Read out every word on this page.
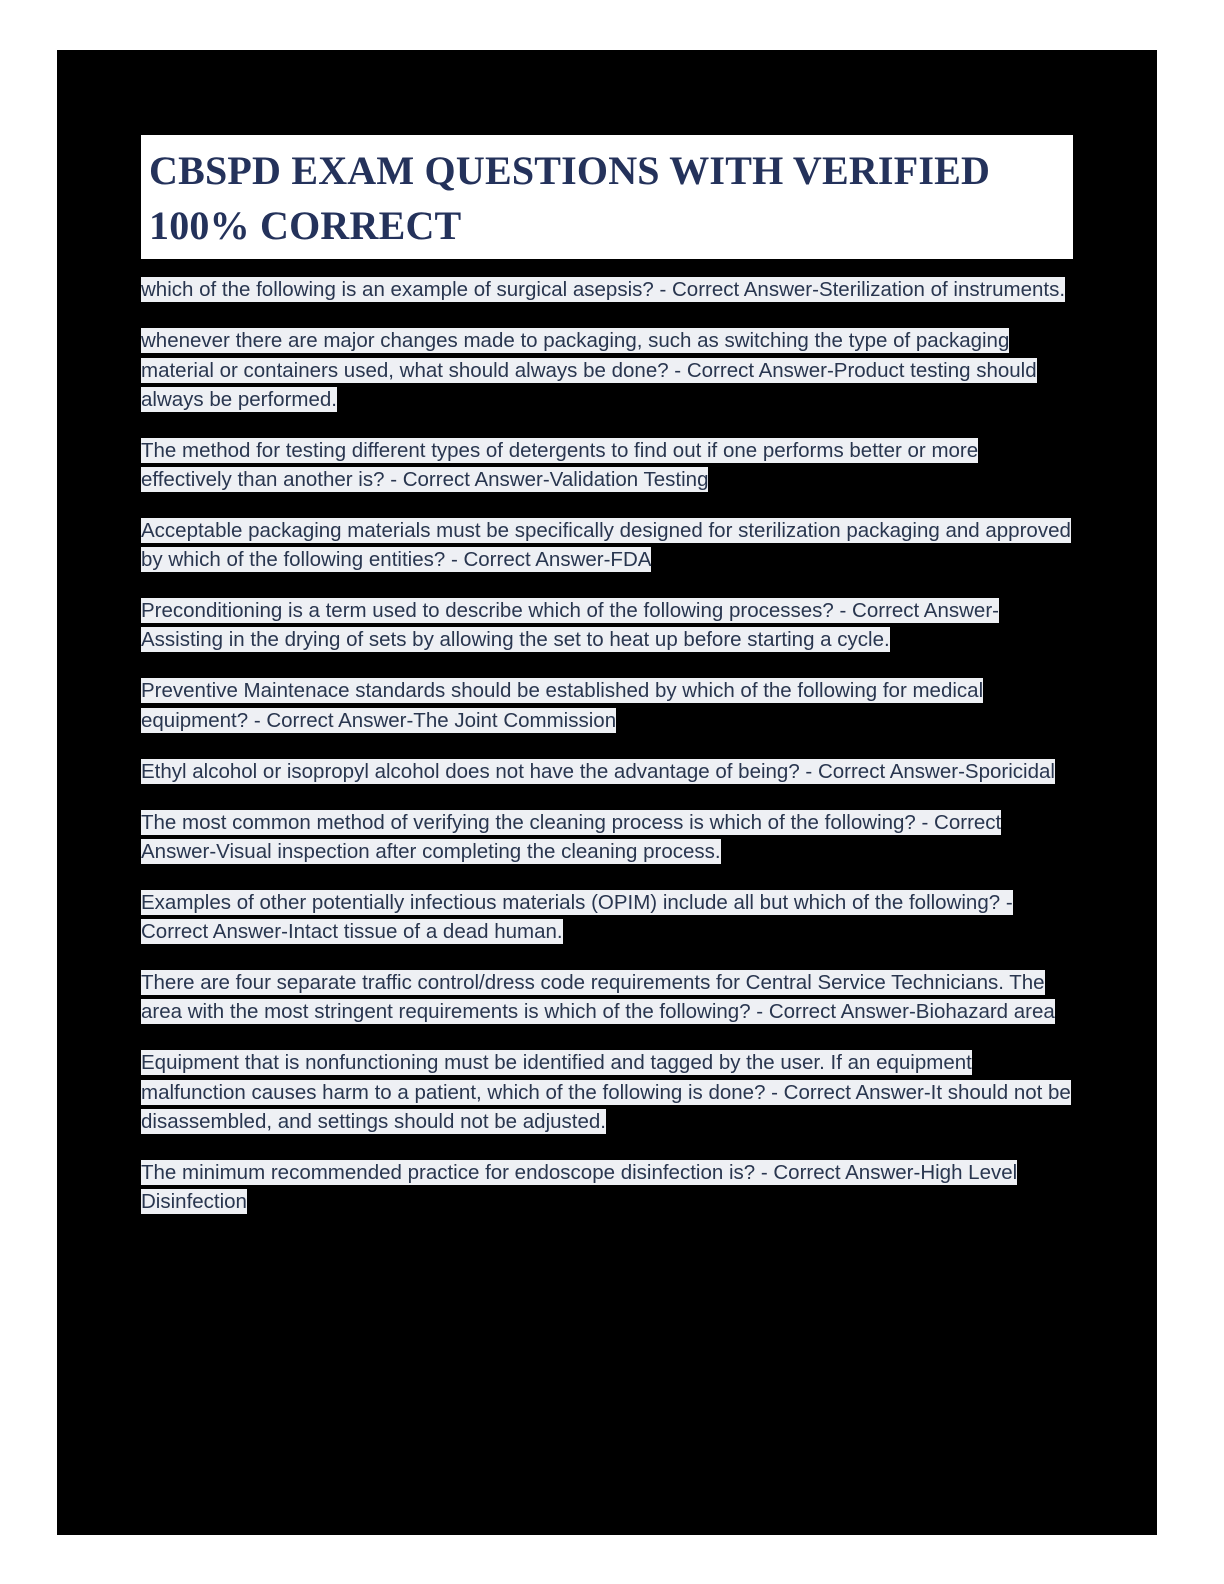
CBSPD EXAM QUESTIONS WITH VERIFIED 100% CORRECT
which of the following is an example of surgical asepsis? - Correct Answer-Sterilization of instruments.
whenever there are major changes made to packaging, such as switching the type of packaging material or containers used, what should always be done? - Correct Answer-Product testing should always be performed.
The method for testing different types of detergents to find out if one performs better or more effectively than another is? - Correct Answer-Validation Testing
Acceptable packaging materials must be specifically designed for sterilization packaging and approved by which of the following entities? - Correct Answer-FDA
Preconditioning is a term used to describe which of the following processes? - Correct Answer-Assisting in the drying of sets by allowing the set to heat up before starting a cycle.
Preventive Maintenace standards should be established by which of the following for medical equipment? - Correct Answer-The Joint Commission
Ethyl alcohol or isopropyl alcohol does not have the advantage of being? - Correct Answer-Sporicidal
The most common method of verifying the cleaning process is which of the following? - Correct Answer-Visual inspection after completing the cleaning process.
Examples of other potentially infectious materials (OPIM) include all but which of the following? - Correct Answer-Intact tissue of a dead human.
There are four separate traffic control/dress code requirements for Central Service Technicians. The area with the most stringent requirements is which of the following? - Correct Answer-Biohazard area
Equipment that is nonfunctioning must be identified and tagged by the user. If an equipment malfunction causes harm to a patient, which of the following is done? - Correct Answer-It should not be disassembled, and settings should not be adjusted.
The minimum recommended practice for endoscope disinfection is? - Correct Answer-High Level Disinfection
